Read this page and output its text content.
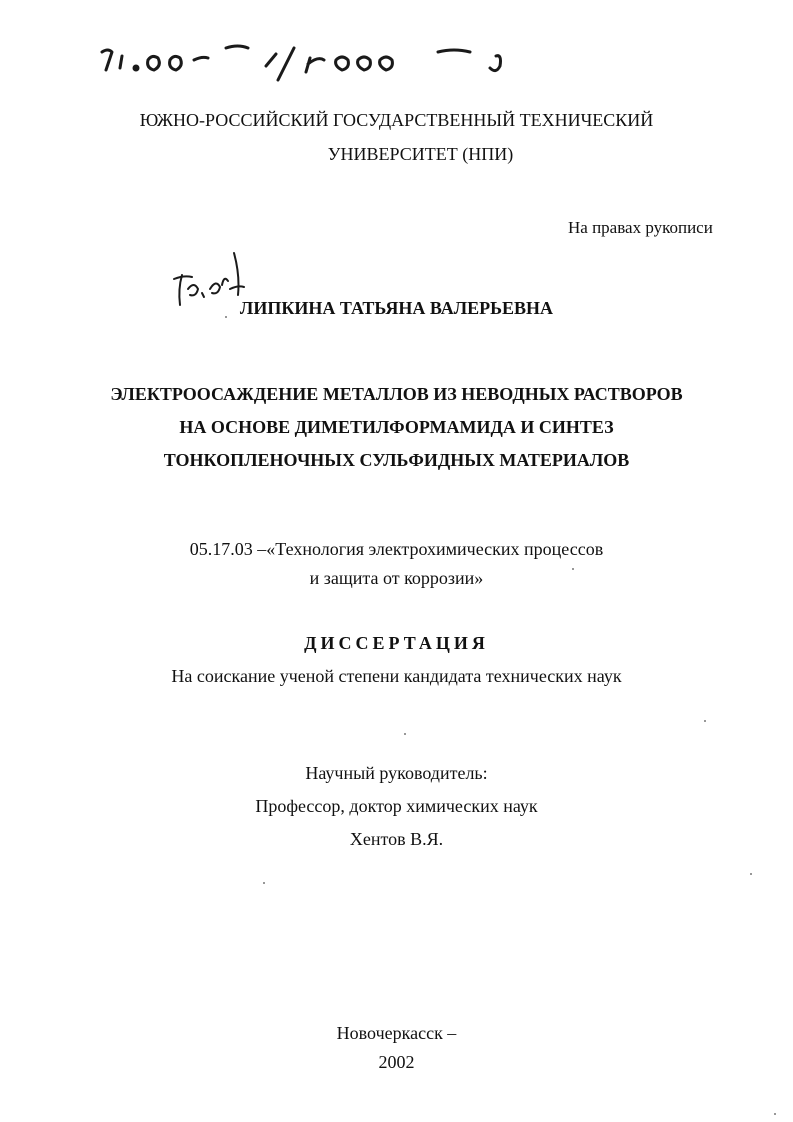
ЮЖНО-РОССИЙСКИЙ ГОСУДАРСТВЕННЫЙ ТЕХНИЧЕСКИЙ
УНИВЕРСИТЕТ (НПИ)
На правах рукописи
ЛИПКИНА ТАТЬЯНА ВАЛЕРЬЕВНА
ЭЛЕКТРООСАЖДЕНИЕ МЕТАЛЛОВ ИЗ НЕВОДНЫХ РАСТВОРОВ
НА ОСНОВЕ ДИМЕТИЛФОРМАМИДА И СИНТЕЗ
ТОНКОПЛЕНОЧНЫХ СУЛЬФИДНЫХ МАТЕРИАЛОВ
05.17.03 –«Технология электрохимических процессов
и защита от коррозии»
ДИССЕРТАЦИЯ
На соискание ученой степени кандидата технических наук
Научный руководитель:
Профессор, доктор химических наук
Хентов В.Я.
Новочеркасск –
2002
